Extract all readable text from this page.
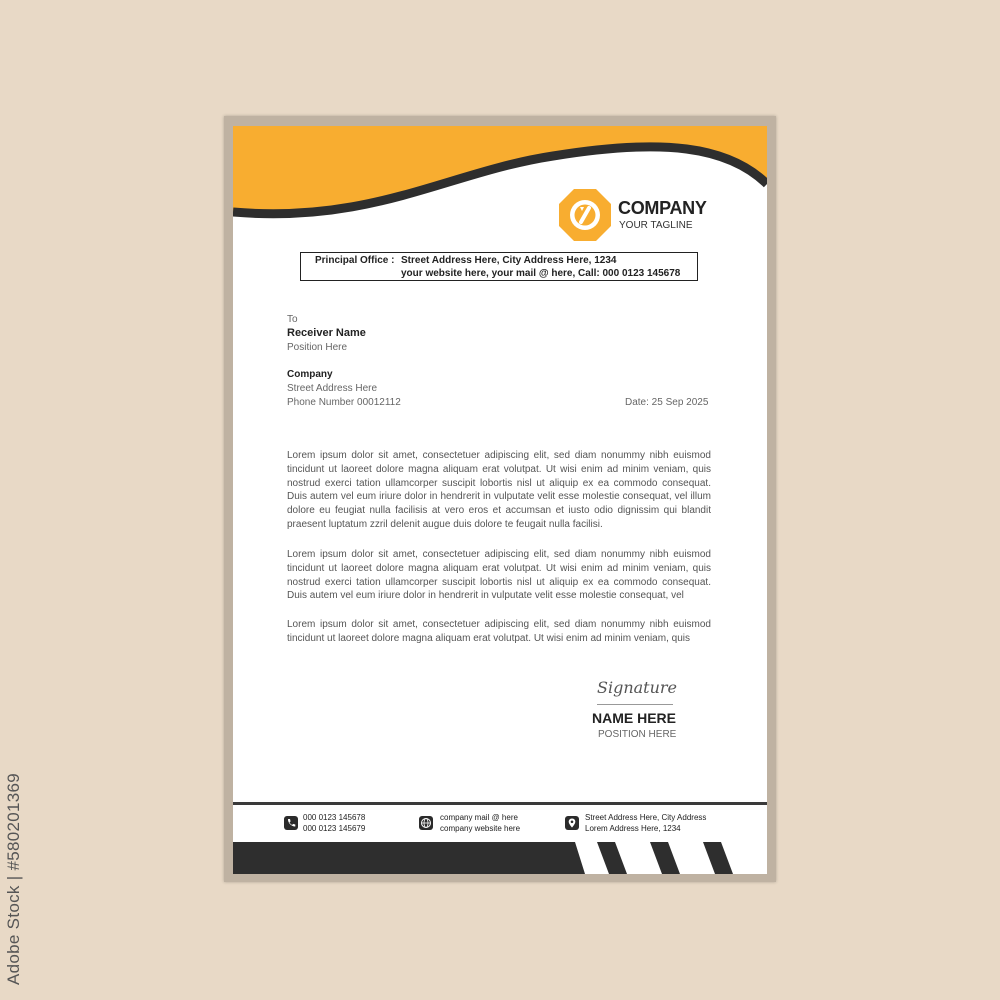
Adobe Stock | #580201369
COMPANY
YOUR TAGLINE
Principal Office : Street Address Here, City Address Here, 1234
your website here, your mail @ here, Call: 000 0123 145678
To
Receiver Name
Position Here
Company
Street Address Here
Phone Number 00012112	Date: 25 Sep 2025
Lorem ipsum dolor sit amet, consectetuer adipiscing elit, sed diam nonummy nibh euismod tincidunt ut laoreet dolore magna aliquam erat volutpat. Ut wisi enim ad minim veniam, quis nostrud exerci tation ullamcorper suscipit lobortis nisl ut aliquip ex ea commodo consequat. Duis autem vel eum iriure dolor in hendrerit in vulputate velit esse molestie consequat, vel illum dolore eu feugiat nulla facilisis at vero eros et accumsan et iusto odio dignissim qui blandit praesent luptatum zzril delenit augue duis dolore te feugait nulla facilisi.
Lorem ipsum dolor sit amet, consectetuer adipiscing elit, sed diam nonummy nibh euismod tincidunt ut laoreet dolore magna aliquam erat volutpat. Ut wisi enim ad minim veniam, quis nostrud exerci tation ullamcorper suscipit lobortis nisl ut aliquip ex ea commodo consequat. Duis autem vel eum iriure dolor in hendrerit in vulputate velit esse molestie consequat, vel
Lorem ipsum dolor sit amet, consectetuer adipiscing elit, sed diam nonummy nibh euismod tincidunt ut laoreet dolore magna aliquam erat volutpat. Ut wisi enim ad minim veniam, quis
Signature
NAME HERE
POSITION HERE
000 0123 145678
000 0123 145679
company mail @ here
company website here
Street Address Here, City Address
Lorem Address Here, 1234
